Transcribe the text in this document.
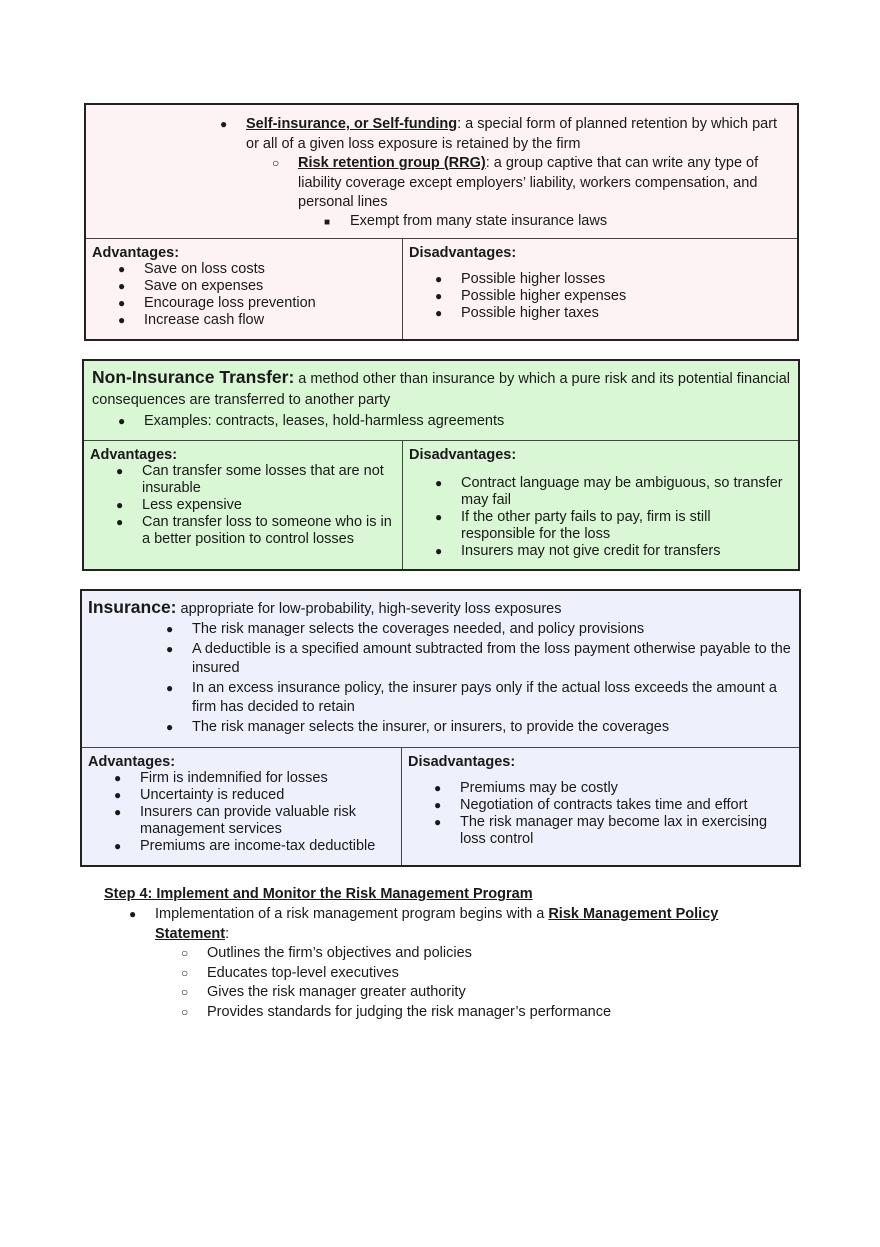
●	Self-insurance, or Self-funding: a special form of planned retention by which part or all of a given loss exposure is retained by the firm
○	Risk retention group (RRG): a group captive that can write any type of liability coverage except employers’ liability, workers compensation, and personal lines
■ Exempt from many state insurance laws
Advantages:
● Save on loss costs
● Save on expenses
● Encourage loss prevention
● Increase cash flow
Disadvantages:
● Possible higher losses
● Possible higher expenses
● Possible higher taxes
Non-Insurance Transfer: a method other than insurance by which a pure risk and its potential financial consequences are transferred to another party
● Examples: contracts, leases, hold-harmless agreements
Advantages:
● Can transfer some losses that are not insurable
● Less expensive
● Can transfer loss to someone who is in a better position to control losses
Disadvantages:
● Contract language may be ambiguous, so transfer may fail
● If the other party fails to pay, firm is still responsible for the loss
● Insurers may not give credit for transfers
Insurance: appropriate for low-probability, high-severity loss exposures
● The risk manager selects the coverages needed, and policy provisions
● A deductible is a specified amount subtracted from the loss payment otherwise payable to the insured
● In an excess insurance policy, the insurer pays only if the actual loss exceeds the amount a firm has decided to retain
● The risk manager selects the insurer, or insurers, to provide the coverages
Advantages:
● Firm is indemnified for losses
● Uncertainty is reduced
● Insurers can provide valuable risk management services
● Premiums are income-tax deductible
Disadvantages:
● Premiums may be costly
● Negotiation of contracts takes time and effort
● The risk manager may become lax in exercising loss control
Step 4: Implement and Monitor the Risk Management Program
● Implementation of a risk management program begins with a Risk Management Policy Statement:
○ Outlines the firm’s objectives and policies
○ Educates top-level executives
○ Gives the risk manager greater authority
○ Provides standards for judging the risk manager’s performance
